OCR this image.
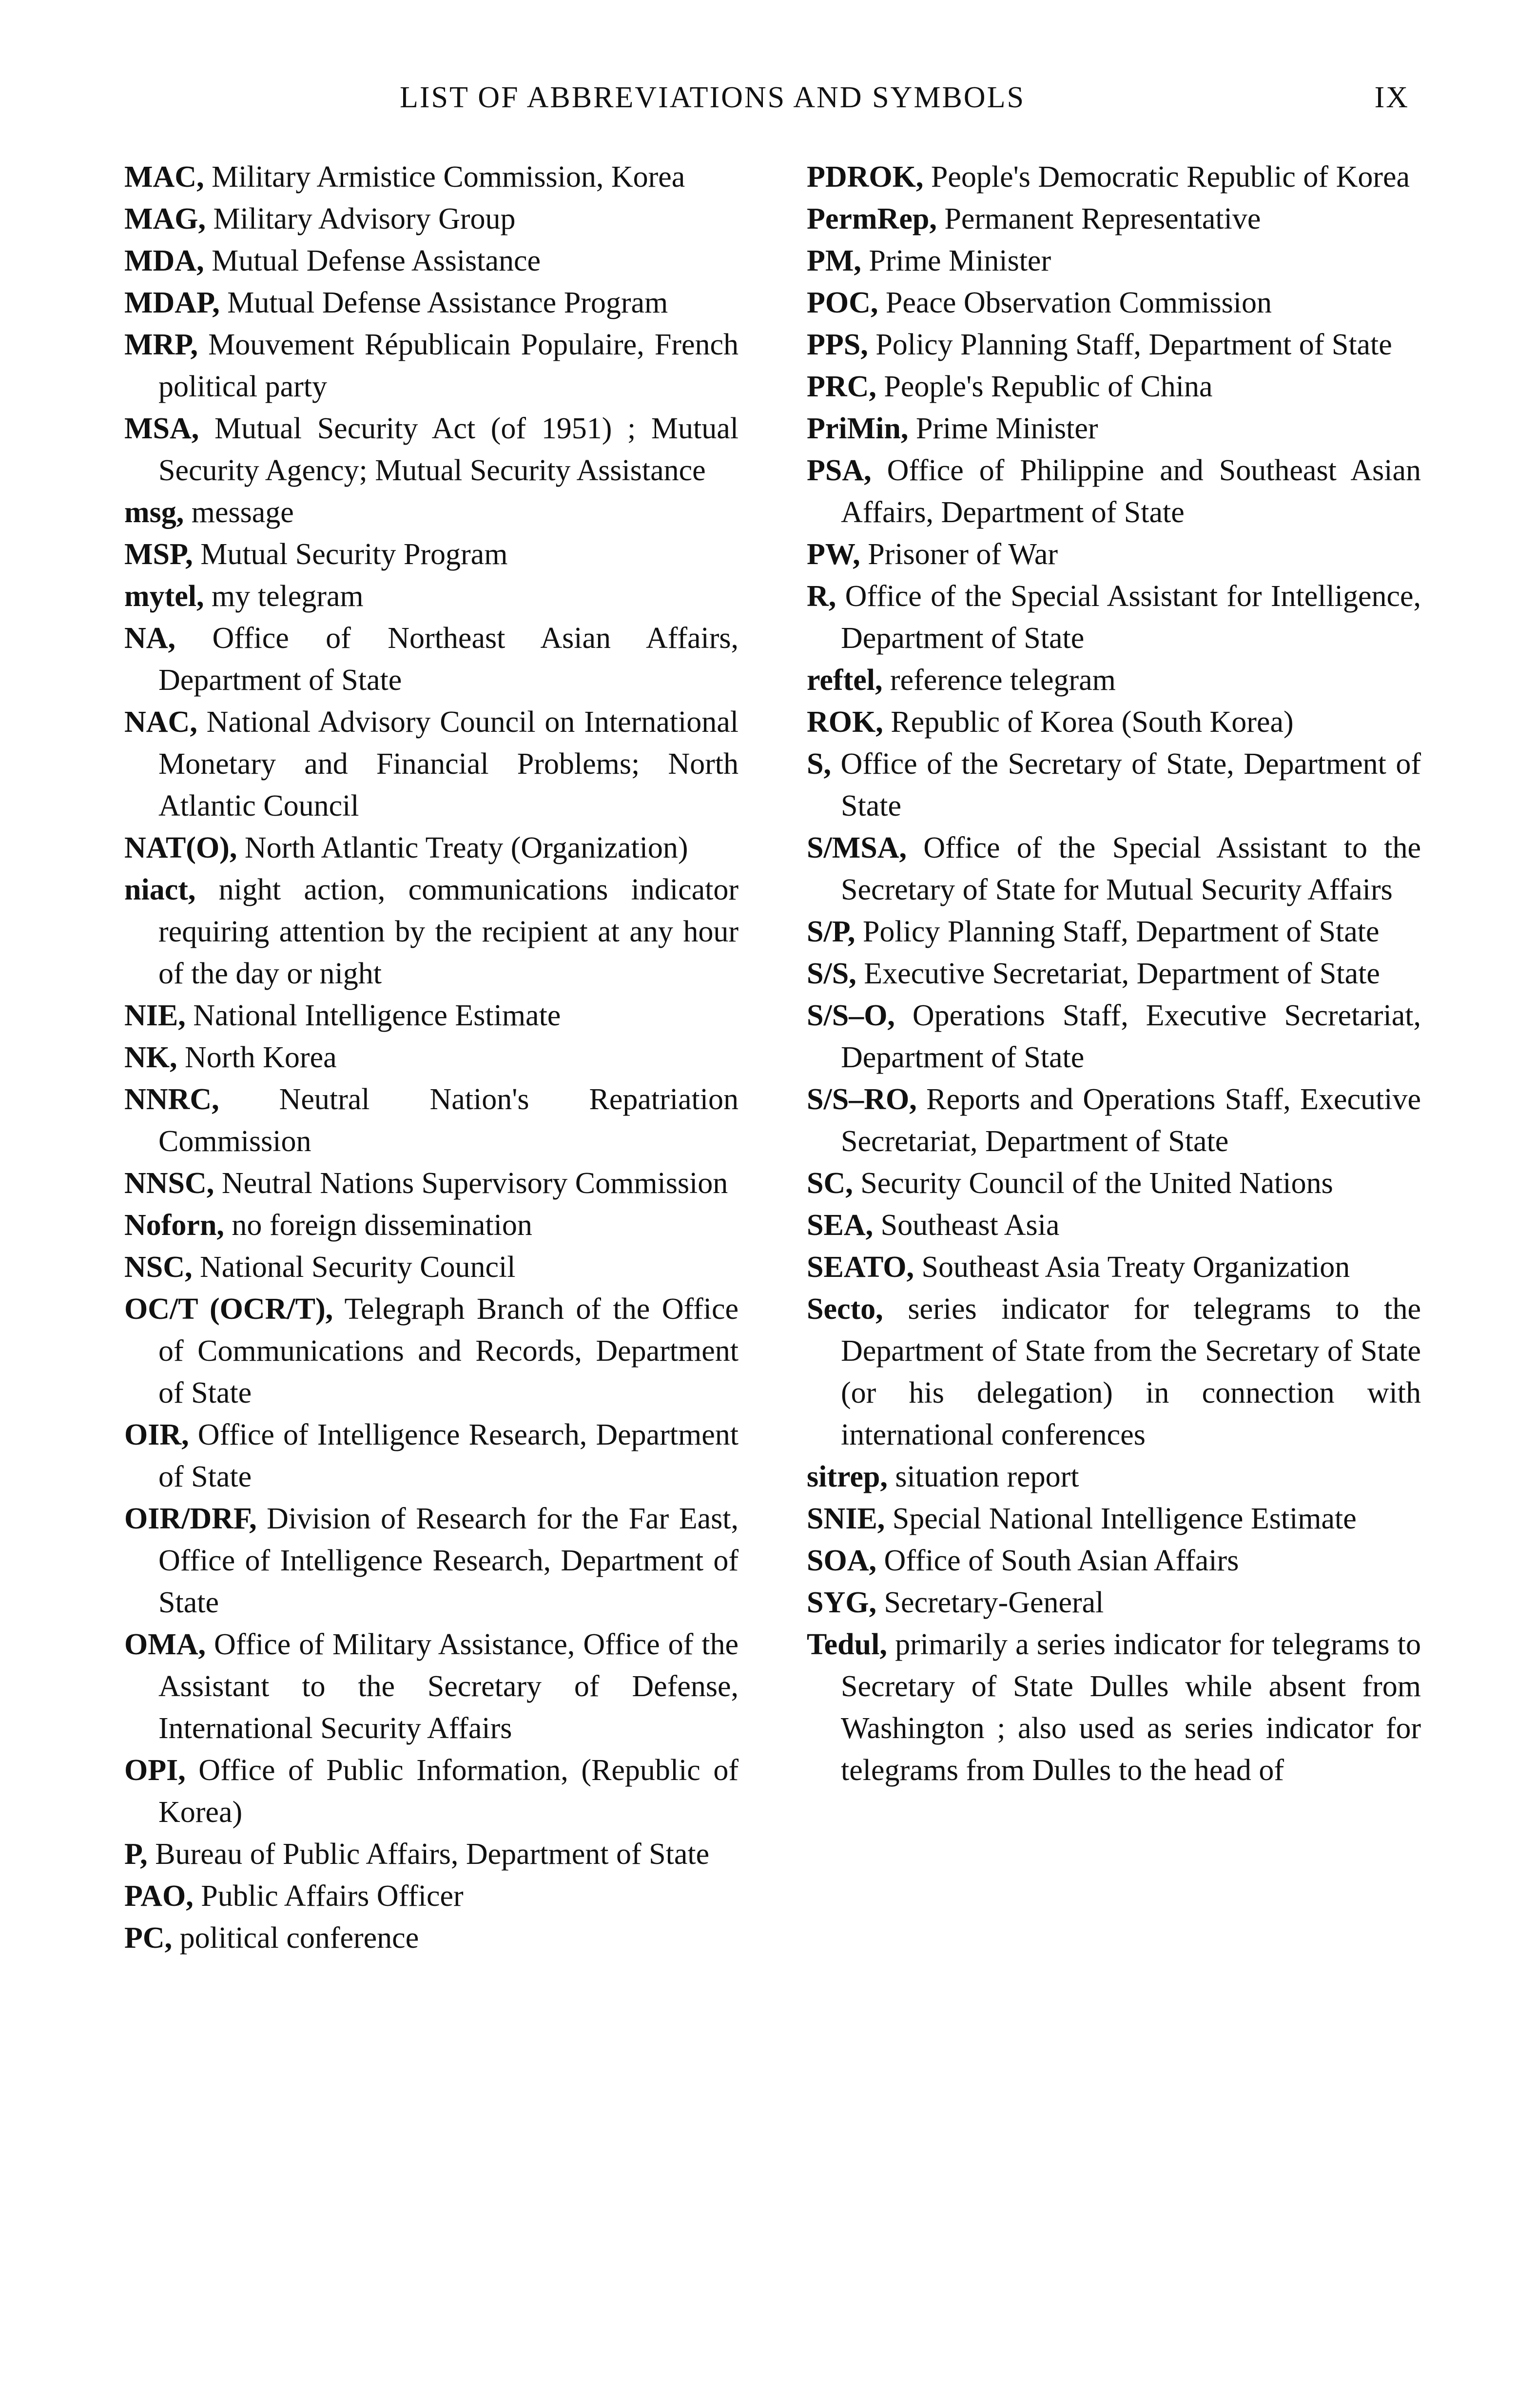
LIST OF ABBREVIATIONS AND SYMBOLS	IX

MAC, Military Armistice Commission, Korea

MAG, Military Advisory Group

MDA, Mutual Defense Assistance

MDAP, Mutual Defense Assistance Program

MRP, Mouvement Républicain Populaire, French political party

MSA, Mutual Security Act (of 1951) ; Mutual Security Agency; Mutual Security Assistance

msg, message

MSP, Mutual Security Program

mytel, my telegram

NA, Office of Northeast Asian Affairs, Department of State

NAC, National Advisory Council on International Monetary and Financial Problems; North Atlantic Council

NAT(O), North Atlantic Treaty (Organization)

niact, night action, communications indicator requiring attention by the recipient at any hour of the day or night

NIE, National Intelligence Estimate

NK, North Korea

NNRC, Neutral Nation's Repatriation Commission

NNSC, Neutral Nations Supervisory Commission

Noforn, no foreign dissemination

NSC, National Security Council

OC/T (OCR/T), Telegraph Branch of the Office of Communications and Records, Department of State

OIR, Office of Intelligence Research, Department of State

OIR/DRF, Division of Research for the Far East, Office of Intelligence Research, Department of State

OMA, Office of Military Assistance, Office of the Assistant to the Secretary of Defense, International Security Affairs

OPI, Office of Public Information, (Republic of Korea)

P, Bureau of Public Affairs, Department of State

PAO, Public Affairs Officer

PC, political conference

PDROK, People's Democratic Republic of Korea

PermRep, Permanent Representative

PM, Prime Minister

POC, Peace Observation Commission

PPS, Policy Planning Staff, Department of State

PRC, People's Republic of China

PriMin, Prime Minister

PSA, Office of Philippine and Southeast Asian Affairs, Department of State

PW, Prisoner of War

R, Office of the Special Assistant for Intelligence, Department of State

reftel, reference telegram

ROK, Republic of Korea (South Korea)

S, Office of the Secretary of State, Department of State

S/MSA, Office of the Special Assistant to the Secretary of State for Mutual Security Affairs

S/P, Policy Planning Staff, Department of State

S/S, Executive Secretariat, Department of State

S/S–O, Operations Staff, Executive Secretariat, Department of State

S/S–RO, Reports and Operations Staff, Executive Secretariat, Department of State

SC, Security Council of the United Nations

SEA, Southeast Asia

SEATO, Southeast Asia Treaty Organization

Secto, series indicator for telegrams to the Department of State from the Secretary of State (or his delegation) in connection with international conferences

sitrep, situation report

SNIE, Special National Intelligence Estimate

SOA, Office of South Asian Affairs

SYG, Secretary-General

Tedul, primarily a series indicator for telegrams to Secretary of State Dulles while absent from Washington ; also used as series indicator for telegrams from Dulles to the head of
